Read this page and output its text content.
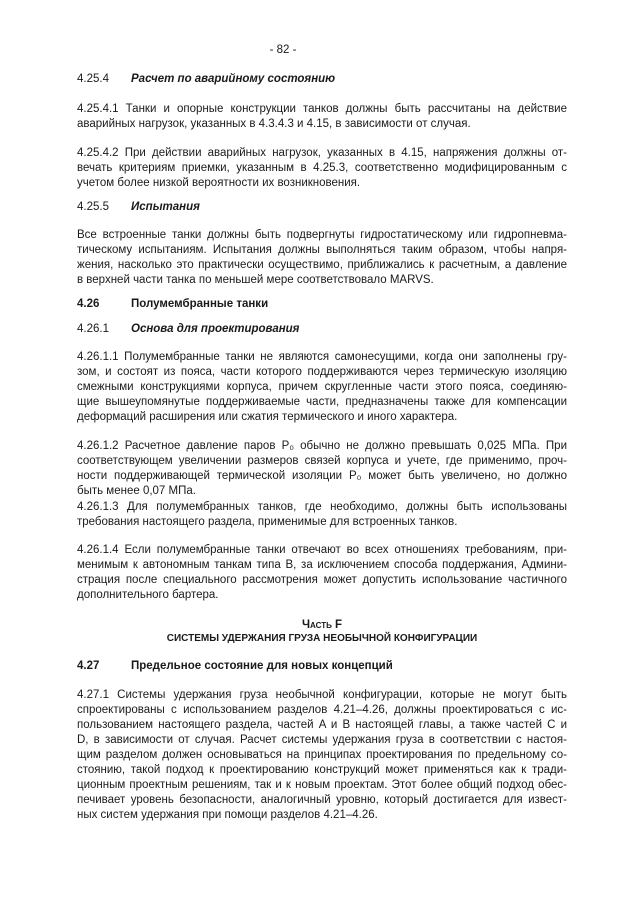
- 82 -
4.25.4 Расчет по аварийному состоянию
4.25.4.1 Танки и опорные конструкции танков должны быть рассчитаны на действие
аварийных нагрузок, указанных в 4.3.4.3 и 4.15, в зависимости от случая.
4.25.4.2 При действии аварийных нагрузок, указанных в 4.15, напряжения должны от-
вечать критериям приемки, указанным в 4.25.3, соответственно модифицированным с
учетом более низкой вероятности их возникновения.
4.25.5 Испытания
Все встроенные танки должны быть подвергнуты гидростатическому или гидропневма-
тическому испытаниям. Испытания должны выполняться таким образом, чтобы напря-
жения, насколько это практически осуществимо, приближались к расчетным, а давление
в верхней части танка по меньшей мере соответствовало MARVS.
4.26	Полумембранные танки
4.26.1 Основа для проектирования
4.26.1.1 Полумембранные танки не являются самонесущими, когда они заполнены гру-
зом, и состоят из пояса, части которого поддерживаются через термическую изоляцию
смежными конструкциями корпуса, причем скругленные части этого пояса, соединяю-
щие вышеупомянутые поддерживаемые части, предназначены также для компенсации
деформаций расширения или сжатия термического и иного характера.
4.26.1.2 Расчетное давление паров P₀ обычно не должно превышать 0,025 МПа. При
соответствующем увеличении размеров связей корпуса и учете, где применимо, проч-
ности поддерживающей термической изоляции P₀ может быть увеличено, но должно
быть менее 0,07 МПа.
4.26.1.3 Для полумембранных танков, где необходимо, должны быть использованы
требования настоящего раздела, применимые для встроенных танков.
4.26.1.4 Если полумембранные танки отвечают во всех отношениях требованиям, при-
менимым к автономным танкам типа B, за исключением способа поддержания, Админи-
страция после специального рассмотрения может допустить использование частичного
дополнительного бартера.
Часть F
СИСТЕМЫ УДЕРЖАНИЯ ГРУЗА НЕОБЫЧНОЙ КОНФИГУРАЦИИ
4.27	Предельное состояние для новых концепций
4.27.1 Системы удержания груза необычной конфигурации, которые не могут быть
спроектированы с использованием разделов 4.21–4.26, должны проектироваться с ис-
пользованием настоящего раздела, частей A и B настоящей главы, а также частей C и
D, в зависимости от случая. Расчет системы удержания груза в соответствии с настоя-
щим разделом должен основываться на принципах проектирования по предельному со-
стоянию, такой подход к проектированию конструкций может применяться как к тради-
ционным проектным решениям, так и к новым проектам. Этот более общий подход обес-
печивает уровень безопасности, аналогичный уровню, который достигается для извест-
ных систем удержания при помощи разделов 4.21–4.26.
